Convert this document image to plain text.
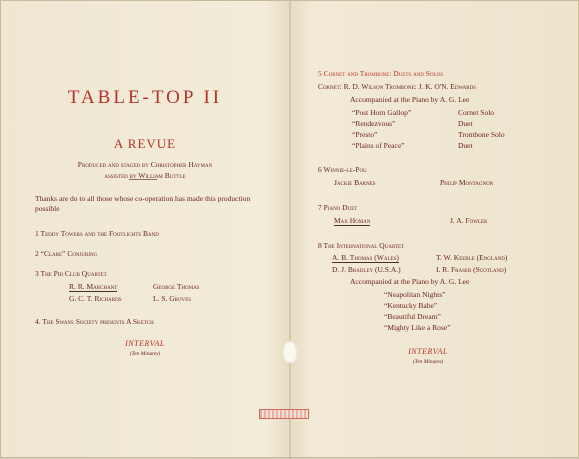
TABLE-TOP II
A REVUE
Produced and staged by Christopher Hayman
assisted by William Buttle
Thanks are do to all those whose co-operation has made this production possible
1 Teddy Towers and the Footlights Band
2 “Clare” Conjuring
3 The Phi Club Quartet
R. R. Marchant	George Thomas
G. C. T. Richards	L. S. Groves
4. The Swans Society presents A Sketch
INTERVAL
(Ten Minutes)
5 Cornet and Trombone: Duets and Solos
Cornet: R. D. Wilson Trombone: J. K. O'N. Edwards
Accompanied at the Piano by A. G. Lee
“Post Horn Gallop”	Cornet Solo
“Rendezvous”	Duet
“Presto”	Trombone Solo
“Plains of Peace”	Duet
6 Winnie-le-Pou
Jackie Barnes	Philip Montagnon
7 Piano Duet
Max Homan	J. A. Fowler
8 The International Quartet
A. B. Thomas (Wales)	T. W. Keeble (England)
D. J. Bradley (U.S.A.)	I. R. Fraser (Scotland)
Accompanied at the Piano by A. G. Lee
“Neapolitan Nights”
“Kentucky Babe”
“Beautiful Dream”
“Mighty Like a Rose”
INTERVAL
(Ten Minutes)
